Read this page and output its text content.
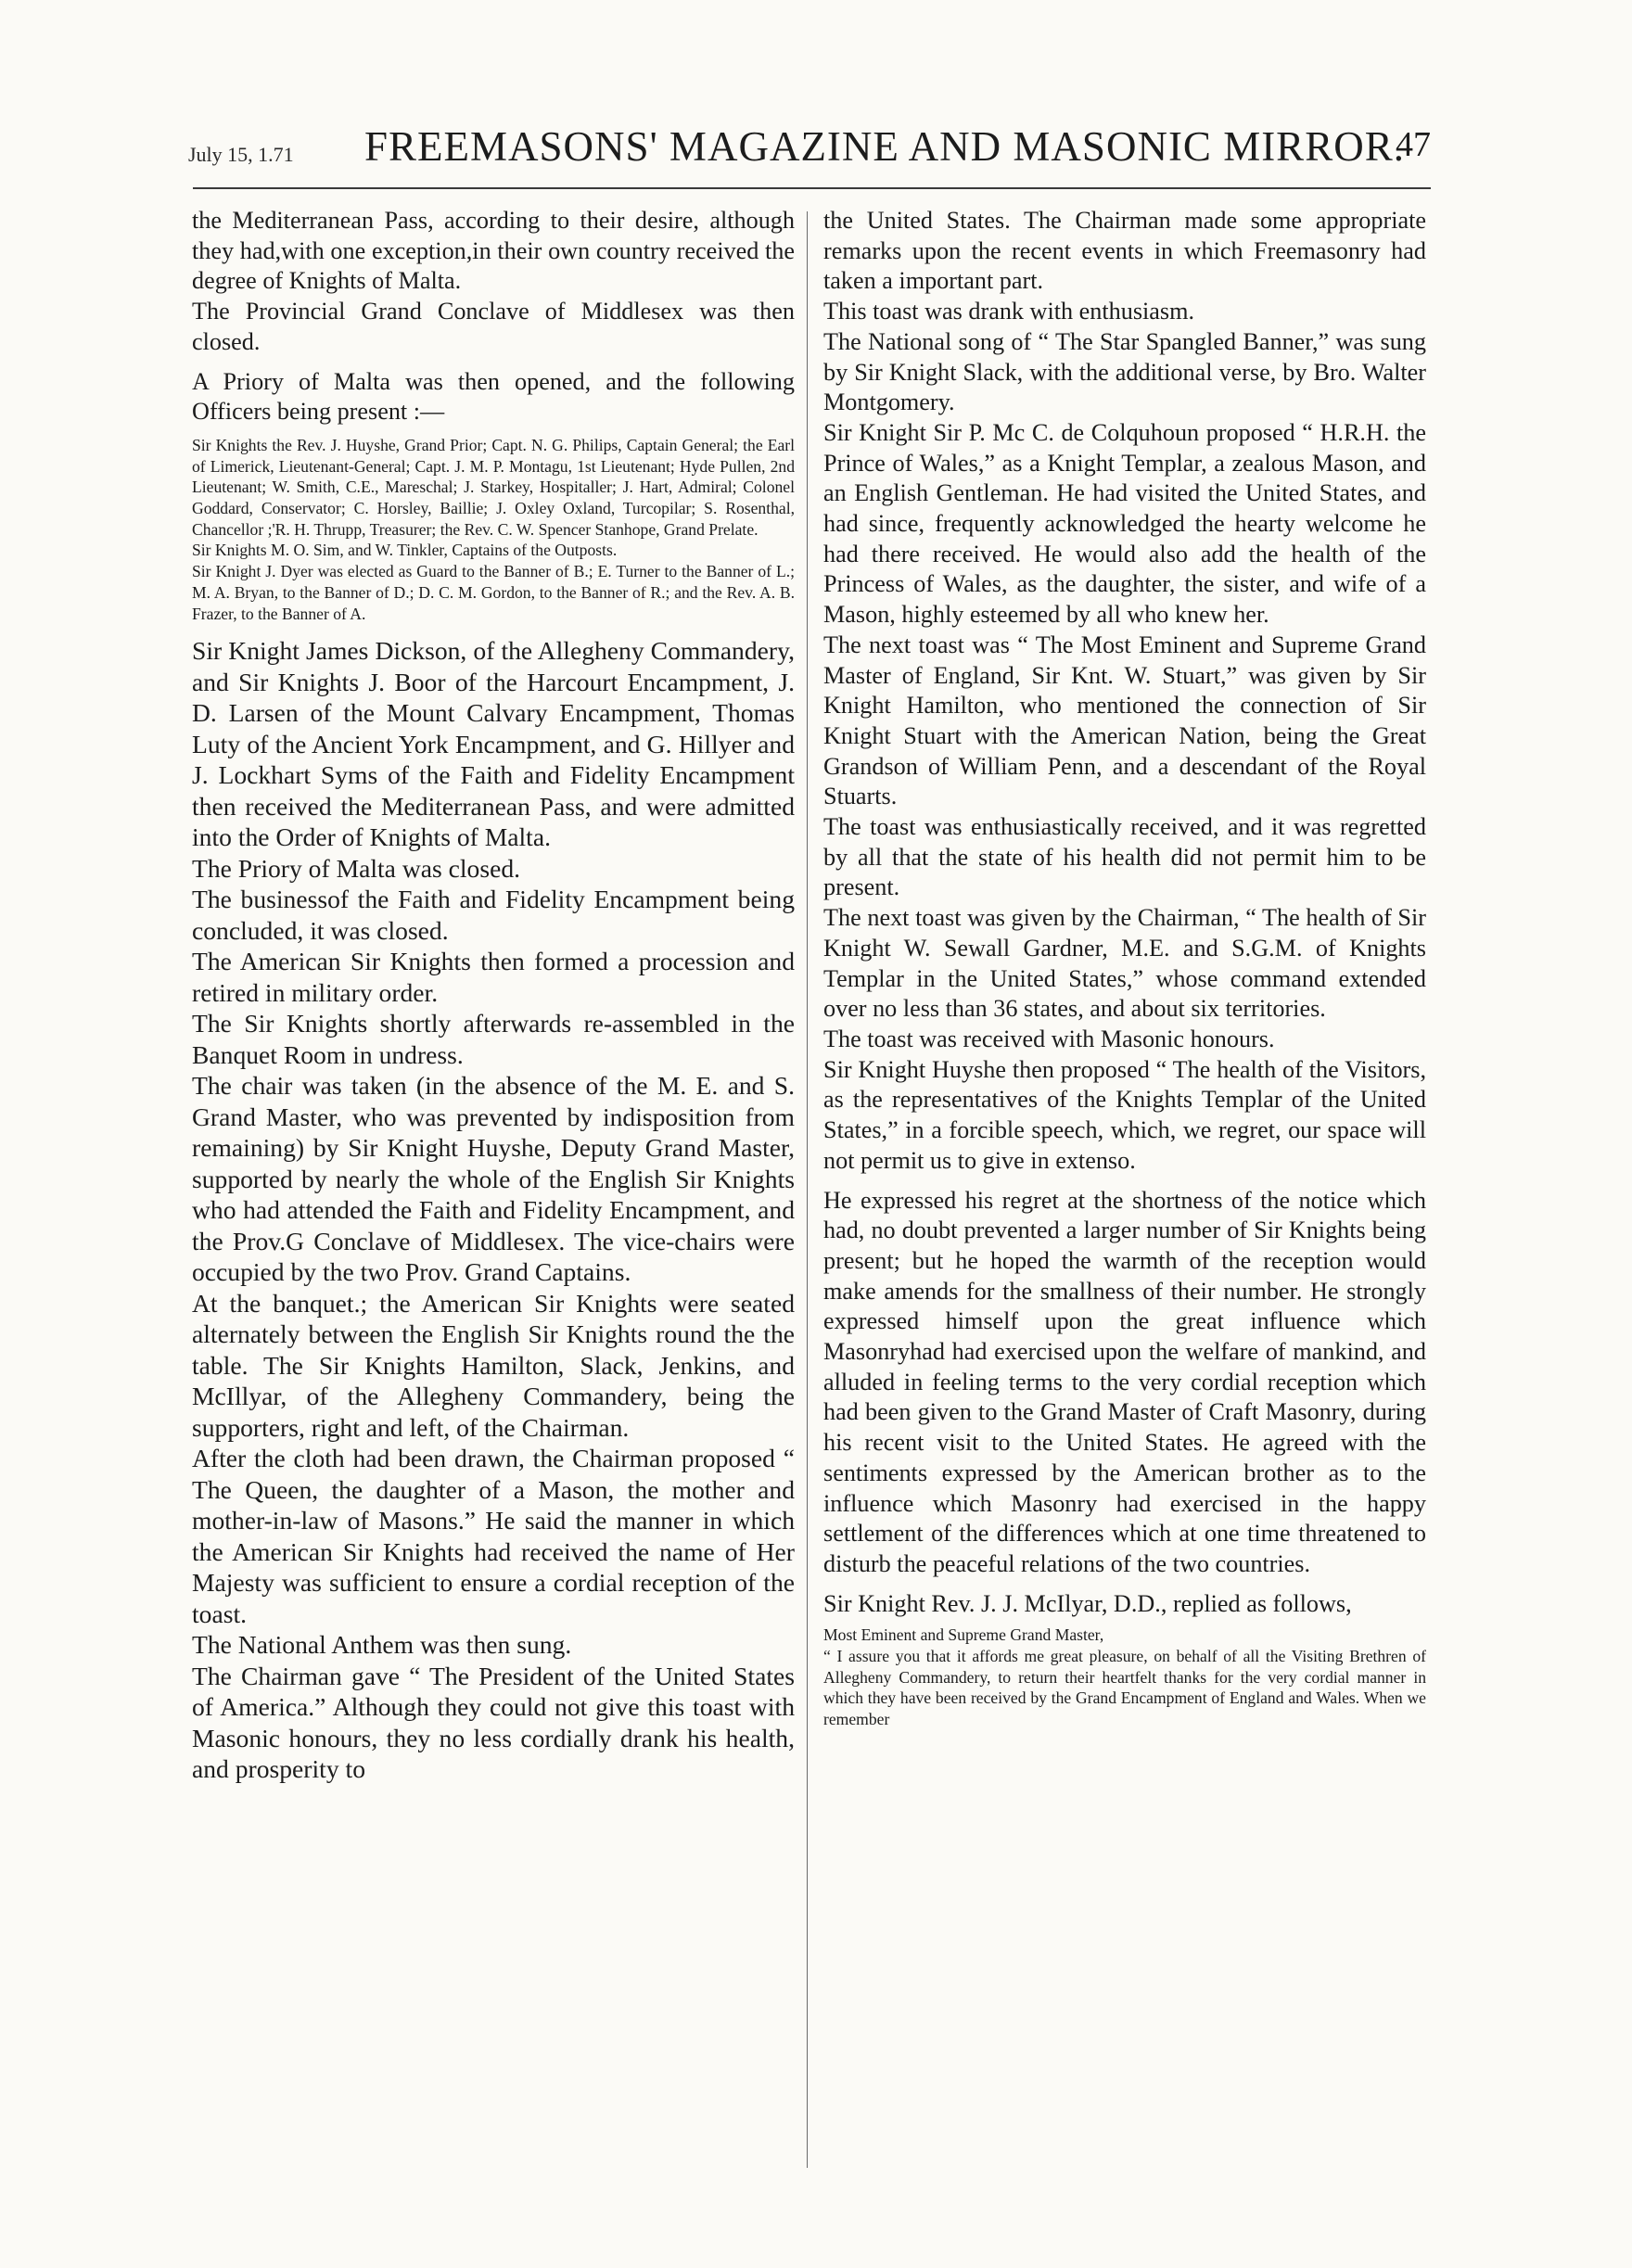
July 15, 1.71 FREEMASONS' MAGAZINE AND MASONIC MIRROR.
47

the Mediterranean Pass, according to their desire, although they had,with one exception,in their own country received the degree of Knights of Malta.

The Provincial Grand Conclave of Middlesex was then closed.

A Priory of Malta was then opened, and the following Officers being present :—

Sir Knights the Rev. J. Huyshe, Grand Prior; Capt. N. G. Philips, Captain General; the Earl of Limerick, Lieutenant-General; Capt. J. M. P. Montagu, 1st Lieutenant; Hyde Pullen, 2nd Lieutenant; W. Smith, C.E., Mareschal; J. Starkey, Hospitaller; J. Hart, Admiral; Colonel Goddard, Conservator; C. Horsley, Baillie; J. Oxley Oxland, Turcopilar; S. Rosenthal, Chancellor ;'R. H. Thrupp, Treasurer; the Rev. C. W. Spencer Stanhope, Grand Prelate.

Sir Knights M. O. Sim, and W. Tinkler, Captains of the Outposts.

Sir Knight J. Dyer was elected as Guard to the Banner of B.; E. Turner to the Banner of L.; M. A. Bryan, to the Banner of D.; D. C. M. Gordon, to the Banner of R.; and the Rev. A. B. Frazer, to the Banner of A.

Sir Knight James Dickson, of the Allegheny Commandery, and Sir Knights J. Boor of the Harcourt Encampment, J. D. Larsen of the Mount Calvary Encampment, Thomas Luty of the Ancient York Encampment, and G. Hillyer and J. Lockhart Syms of the Faith and Fidelity Encampment then received the Mediterranean Pass, and were admitted into the Order of Knights of Malta.

The Priory of Malta was closed.

The businessof the Faith and Fidelity Encampment being concluded, it was closed.

The American Sir Knights then formed a procession and retired in military order.

The Sir Knights shortly afterwards re-assembled in the Banquet Room in undress.

The chair was taken (in the absence of the M. E. and S. Grand Master, who was prevented by indisposition from remaining) by Sir Knight Huyshe, Deputy Grand Master, supported by nearly the whole of the English Sir Knights who had attended the Faith and Fidelity Encampment, and the Prov.G Conclave of Middlesex. The vice-chairs were occupied by the two Prov. Grand Captains.

At the banquet.; the American Sir Knights were seated alternately between the English Sir Knights round the the table. The Sir Knights Hamilton, Slack, Jenkins, and McIllyar, of the Allegheny Commandery, being the supporters, right and left, of the Chairman.

After the cloth had been drawn, the Chairman proposed “ The Queen, the daughter of a Mason, the mother and mother-in-law of Masons.” He said the manner in which the American Sir Knights had received the name of Her Majesty was sufficient to ensure a cordial reception of the toast.

The National Anthem was then sung.

The Chairman gave “ The President of the United States of America.” Although they could not give this toast with Masonic honours, they no less cordially drank his health, and prosperity to

the United States. The Chairman made some appropriate remarks upon the recent events in which Freemasonry had taken a important part.

This toast was drank with enthusiasm.

The National song of “ The Star Spangled Banner,” was sung by Sir Knight Slack, with the additional verse, by Bro. Walter Montgomery.

Sir Knight Sir P. Mc C. de Colquhoun proposed “ H.R.H. the Prince of Wales,” as a Knight Templar, a zealous Mason, and an English Gentleman. He had visited the United States, and had since, frequently acknowledged the hearty welcome he had there received. He would also add the health of the Princess of Wales, as the daughter, the sister, and wife of a Mason, highly esteemed by all who knew her.

The next toast was “ The Most Eminent and Supreme Grand Master of England, Sir Knt. W. Stuart,” was given by Sir Knight Hamilton, who mentioned the connection of Sir Knight Stuart with the American Nation, being the Great Grandson of William Penn, and a descendant of the Royal Stuarts.

The toast was enthusiastically received, and it was regretted by all that the state of his health did not permit him to be present.

The next toast was given by the Chairman, “ The health of Sir Knight W. Sewall Gardner, M.E. and S.G.M. of Knights Templar in the United States,” whose command extended over no less than 36 states, and about six territories.

The toast was received with Masonic honours.

Sir Knight Huyshe then proposed “ The health of the Visitors, as the representatives of the Knights Templar of the United States,” in a forcible speech, which, we regret, our space will not permit us to give in extenso.

He expressed his regret at the shortness of the notice which had, no doubt prevented a larger number of Sir Knights being present; but he hoped the warmth of the reception would make amends for the smallness of their number. He strongly expressed himself upon the great influence which Masonryhad had exercised upon the welfare of mankind, and alluded in feeling terms to the very cordial reception which had been given to the Grand Master of Craft Masonry, during his recent visit to the United States. He agreed with the sentiments expressed by the American brother as to the influence which Masonry had exercised in the happy settlement of the differences which at one time threatened to disturb the peaceful relations of the two countries.

Sir Knight Rev. J. J. McIlyar, D.D., replied as follows,

Most Eminent and Supreme Grand Master,

“ I assure you that it affords me great pleasure, on behalf of all the Visiting Brethren of Allegheny Commandery, to return their heartfelt thanks for the very cordial manner in which they have been received by the Grand Encampment of England and Wales. When we remember
